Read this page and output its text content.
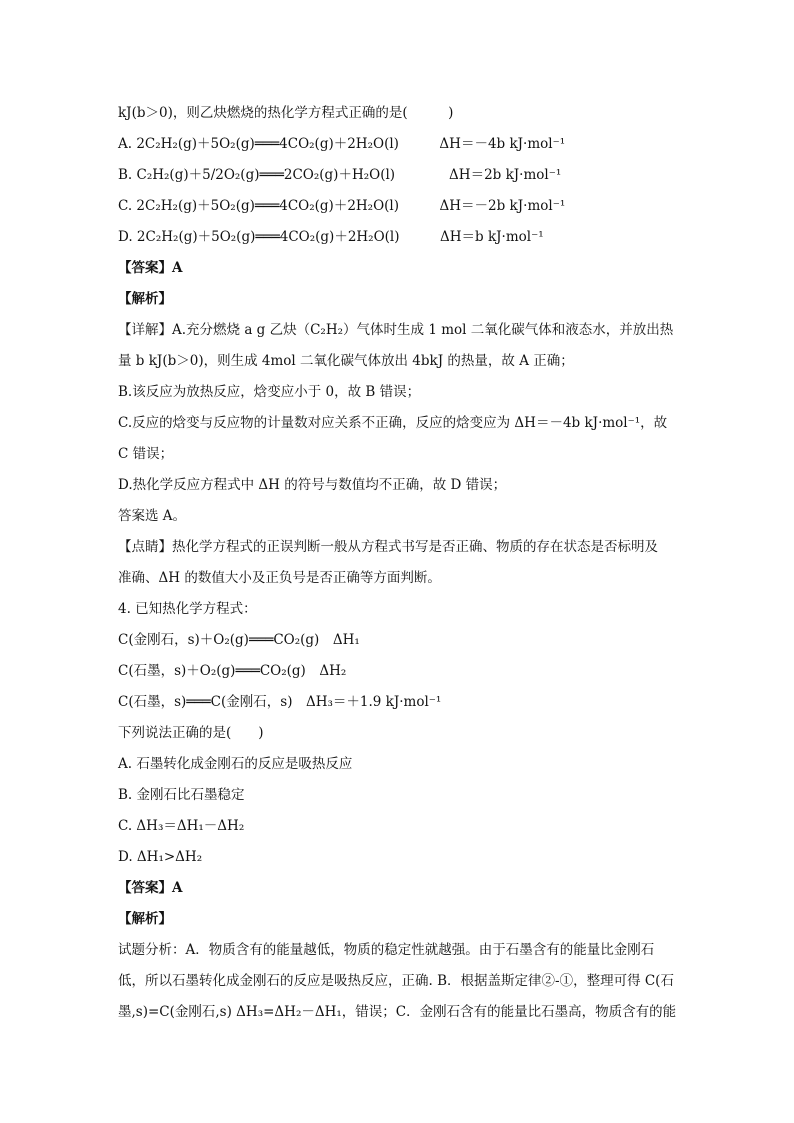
kJ(b＞0)，则乙炔燃烧的热化学方程式正确的是(　　　)
A. 2C₂H₂(g)＋5O₂(g)═══4CO₂(g)＋2H₂O(l)　　　ΔH＝－4b kJ·mol⁻¹
B. C₂H₂(g)＋5/2O₂(g)═══2CO₂(g)＋H₂O(l)　　　　ΔH＝2b kJ·mol⁻¹
C. 2C₂H₂(g)＋5O₂(g)═══4CO₂(g)＋2H₂O(l)　　　ΔH＝－2b kJ·mol⁻¹
D. 2C₂H₂(g)＋5O₂(g)═══4CO₂(g)＋2H₂O(l)　　　ΔH＝b kJ·mol⁻¹
【答案】A
【解析】
【详解】A.充分燃烧 a g 乙炔（C₂H₂）气体时生成 1 mol 二氧化碳气体和液态水，并放出热
量 b kJ(b＞0)，则生成 4mol 二氧化碳气体放出 4bkJ 的热量，故 A 正确；
B.该反应为放热反应，焓变应小于 0，故 B 错误；
C.反应的焓变与反应物的计量数对应关系不正确，反应的焓变应为 ΔH＝－4b kJ·mol⁻¹，故
C 错误；
D.热化学反应方程式中 ΔH 的符号与数值均不正确，故 D 错误；
答案选 A。
【点睛】热化学方程式的正误判断一般从方程式书写是否正确、物质的存在状态是否标明及
准确、ΔH 的数值大小及正负号是否正确等方面判断。
4. 已知热化学方程式：
C(金刚石，s)＋O₂(g)═══CO₂(g)　ΔH₁
C(石墨，s)＋O₂(g)═══CO₂(g)　ΔH₂
C(石墨，s)═══C(金刚石，s)　ΔH₃＝＋1.9 kJ·mol⁻¹
下列说法正确的是(　　)
A. 石墨转化成金刚石的反应是吸热反应
B. 金刚石比石墨稳定
C. ΔH₃＝ΔH₁－ΔH₂
D. ΔH₁>ΔH₂
【答案】A
【解析】
试题分析：A．物质含有的能量越低，物质的稳定性就越强。由于石墨含有的能量比金刚石
低，所以石墨转化成金刚石的反应是吸热反应，正确. B．根据盖斯定律②-①，整理可得 C(石
墨,s)=C(金刚石,s) ΔH₃=ΔH₂－ΔH₁，错误；C．金刚石含有的能量比石墨高，物质含有的能
